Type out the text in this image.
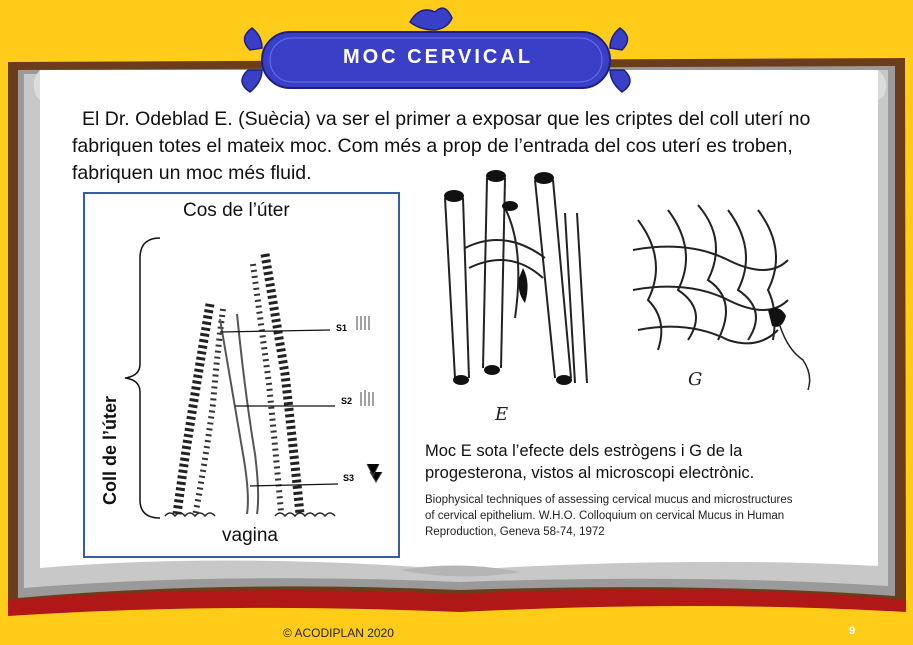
MOC CERVICAL

El Dr. Odeblad E. (Suècia) va ser el primer a exposar que les criptes del coll uterí no
fabriquen totes el mateix moc. Com més a prop de l’entrada del cos uterí es troben,
fabriquen un moc més fluid.

S1
S2
S3
Cos de l’úter
vagina
Coll de l’úter	E
G
Moc E sota l’efecte dels estrògens i G de la
progesterona, vistos al microscopi electrònic.
Biophysical techniques of assessing cervical mucus and microstructures
of cervical epithelium. W.H.O. Colloquium on cervical Mucus in Human
Reproduction, Geneva 58-74, 1972
© ACODIPLAN 2020	9
